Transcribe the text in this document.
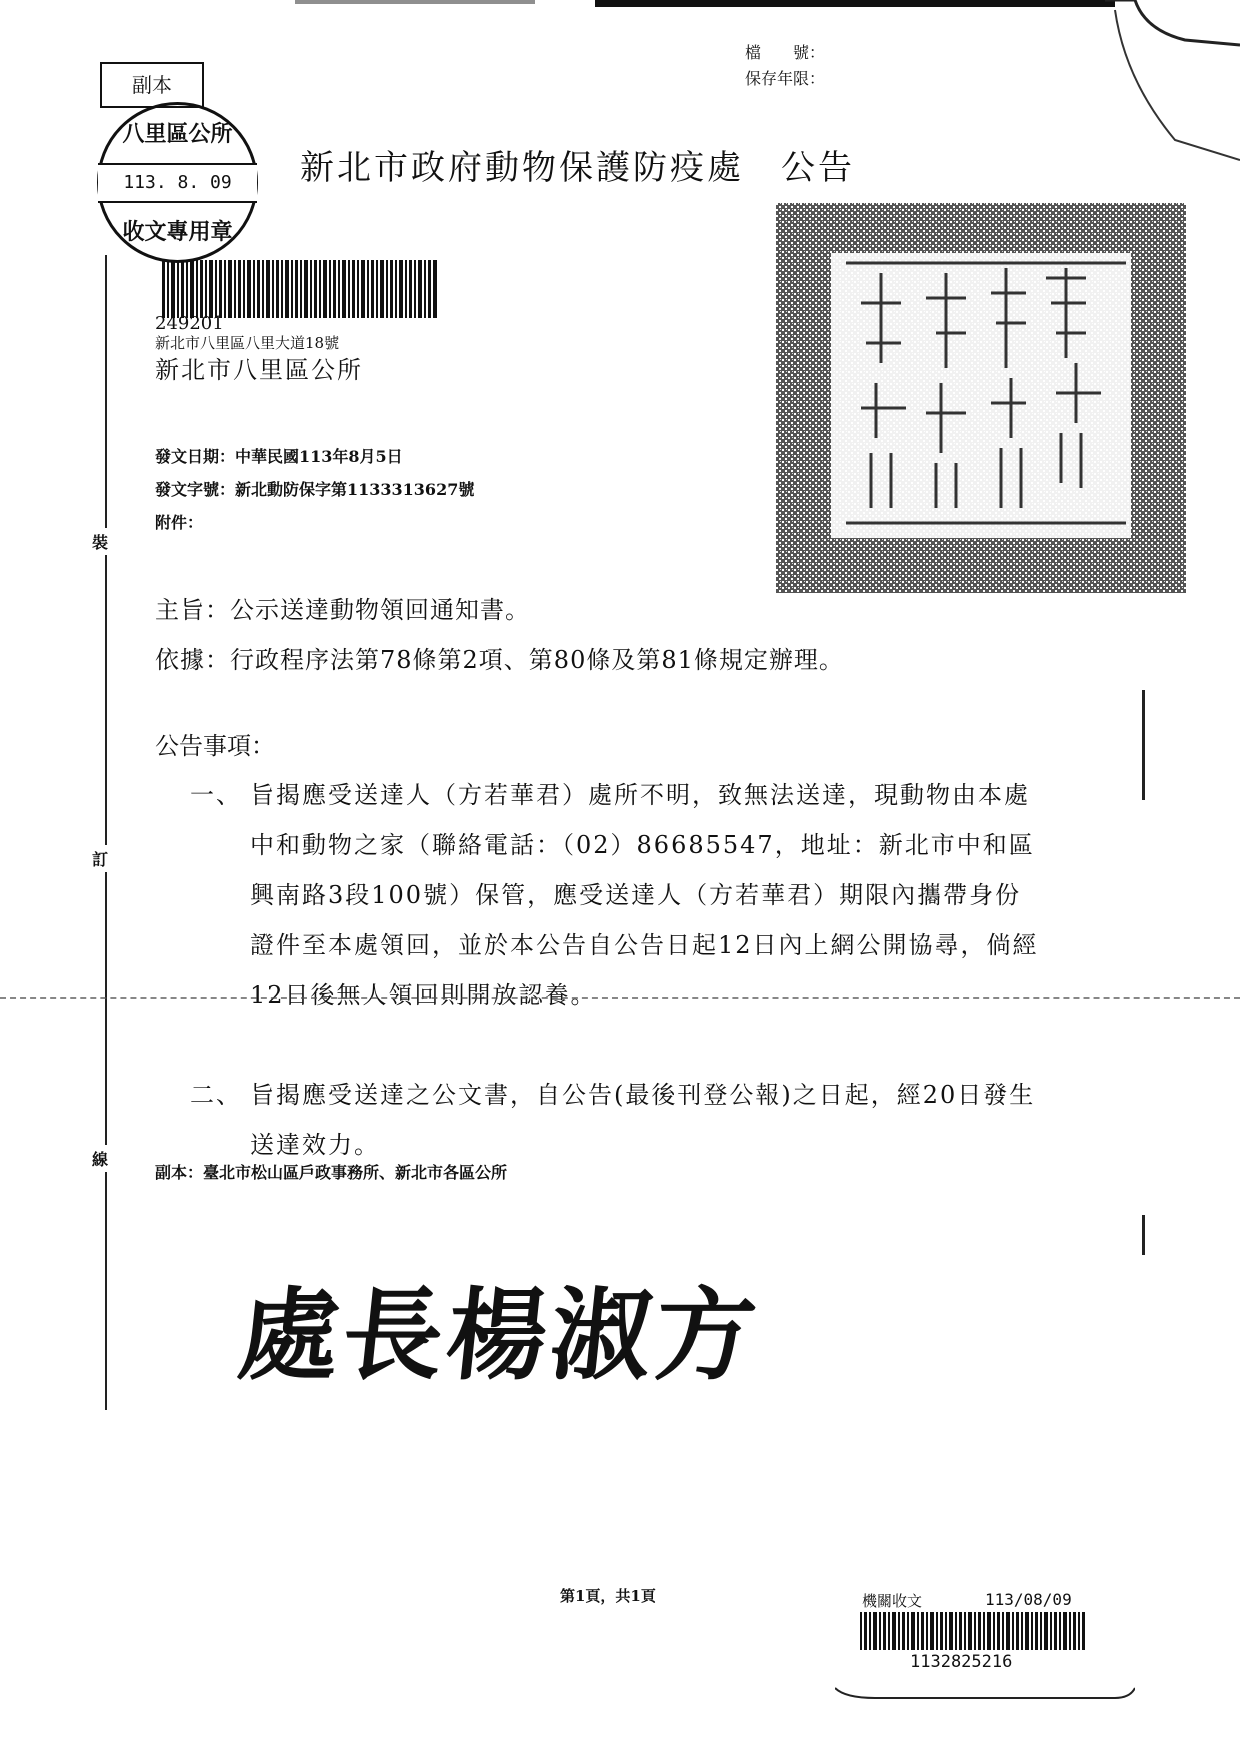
副本
檔　　號：
保存年限：
八里區公所
113. 8. 09
收文專用章
新北市政府動物保護防疫處　公告
249201
新北市八里區八里大道18號
新北市八里區公所
發文日期：中華民國113年8月5日
發文字號：新北動防保字第1133313627號
附件：
主旨：公示送達動物領回通知書。
依據：行政程序法第78條第2項、第80條及第81條規定辦理。
公告事項：
一、 旨揭應受送達人（方若華君）處所不明，致無法送達，現動物由本處中和動物之家（聯絡電話：（02）86685547，地址：新北市中和區興南路3段100號）保管，應受送達人（方若華君）期限內攜帶身份證件至本處領回，並於本公告自公告日起12日內上網公開協尋，倘經12日後無人領回則開放認養。
二、 旨揭應受送達之公文書，自公告(最後刊登公報)之日起，經20日發生送達效力。
副本：臺北市松山區戶政事務所、新北市各區公所
處長楊淑方
裝
訂
線
第1頁，共1頁	機關收文	113/08/09
1132825216
